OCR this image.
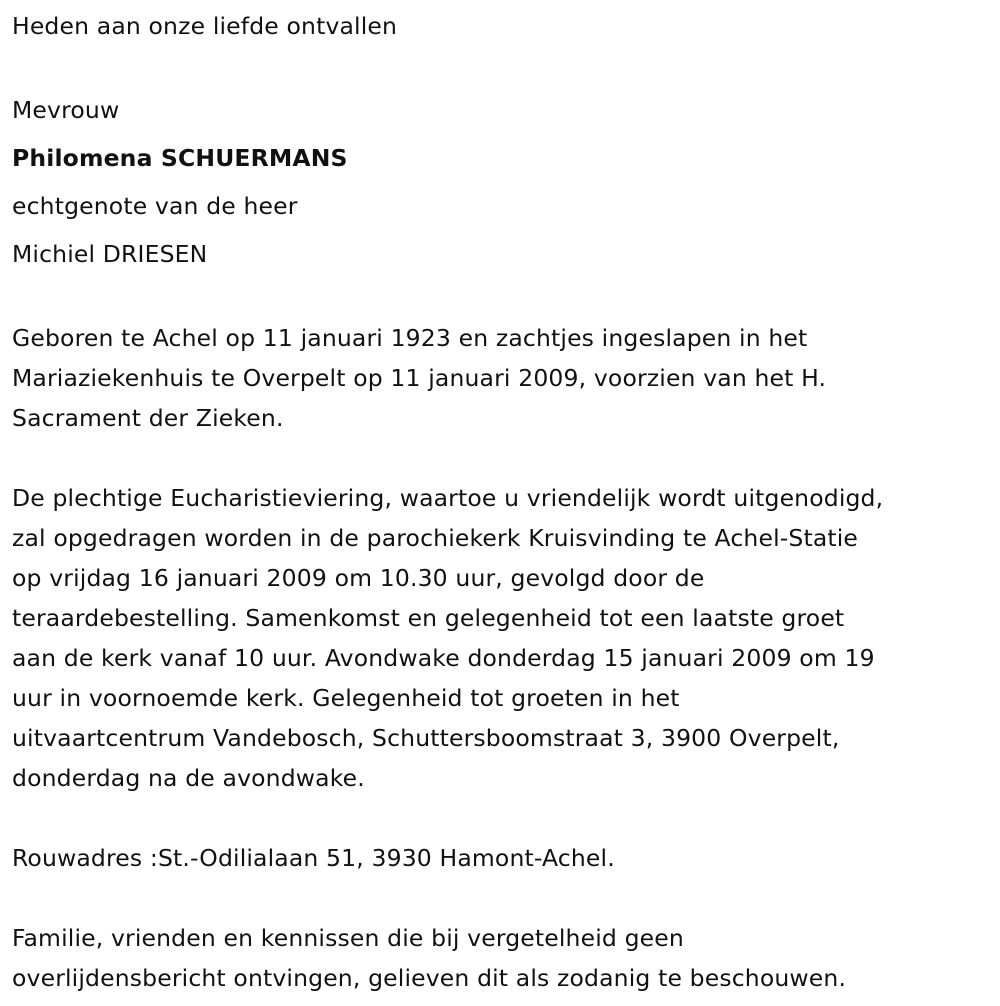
Heden aan onze liefde ontvallen
Mevrouw
Philomena SCHUERMANS
echtgenote van de heer
Michiel DRIESEN
Geboren te Achel op 11 januari 1923 en zachtjes ingeslapen in het
Mariaziekenhuis te Overpelt op 11 januari 2009, voorzien van het H.
Sacrament der Zieken.
De plechtige Eucharistieviering, waartoe u vriendelijk wordt uitgenodigd,
zal opgedragen worden in de parochiekerk Kruisvinding te Achel-Statie
op vrijdag 16 januari 2009 om 10.30 uur, gevolgd door de
teraardebestelling. Samenkomst en gelegenheid tot een laatste groet
aan de kerk vanaf 10 uur. Avondwake donderdag 15 januari 2009 om 19
uur in voornoemde kerk. Gelegenheid tot groeten in het
uitvaartcentrum Vandebosch, Schuttersboomstraat 3, 3900 Overpelt,
donderdag na de avondwake.
Rouwadres :St.-Odilialaan 51, 3930 Hamont-Achel.
Familie, vrienden en kennissen die bij vergetelheid geen
overlijdensbericht ontvingen, gelieven dit als zodanig te beschouwen.
